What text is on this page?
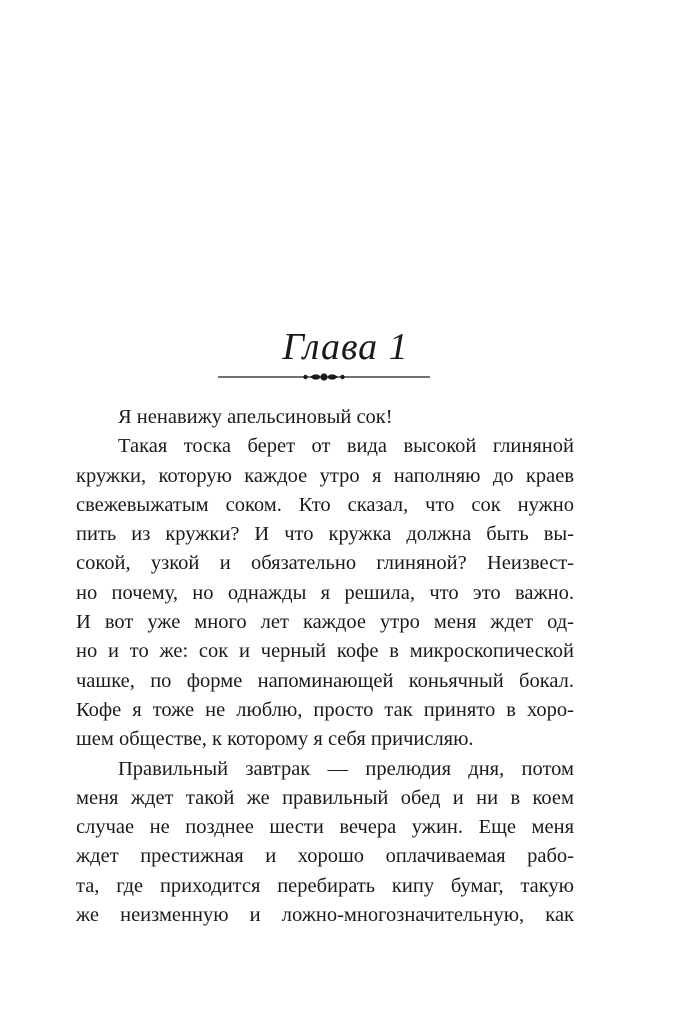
Глава 1
Я ненавижу апельсиновый сок!
Такая тоска берет от вида высокой глиняной
кружки, которую каждое утро я наполняю до краев
свежевыжатым соком. Кто сказал, что сок нужно
пить из кружки? И что кружка должна быть вы-
сокой, узкой и обязательно глиняной? Неизвест-
но почему, но однажды я решила, что это важно.
И вот уже много лет каждое утро меня ждет од-
но и то же: сок и черный кофе в микроскопической
чашке, по форме напоминающей коньячный бокал.
Кофе я тоже не люблю, просто так принято в хоро-
шем обществе, к которому я себя причисляю.
Правильный завтрак — прелюдия дня, потом
меня ждет такой же правильный обед и ни в коем
случае не позднее шести вечера ужин. Еще меня
ждет престижная и хорошо оплачиваемая рабо-
та, где приходится перебирать кипу бумаг, такую
же неизменную и ложно-многозначительную, как
